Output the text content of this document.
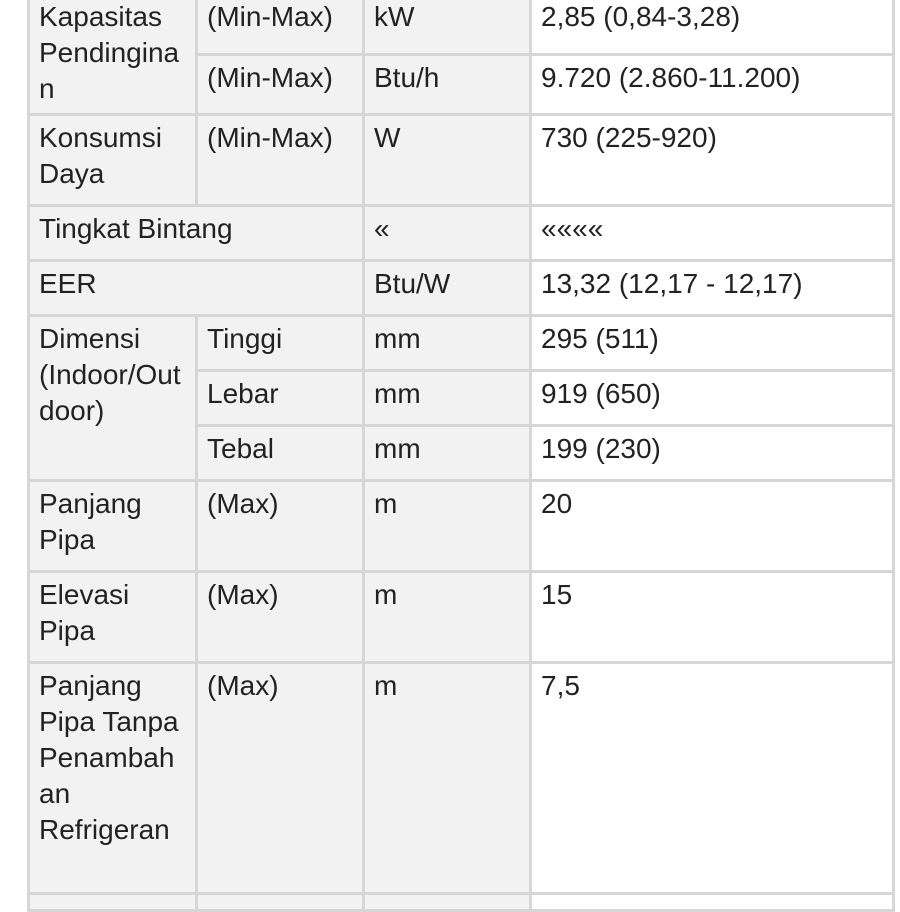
Kapasitas Pendinginan	(Min-Max)	kW	2,85 (0,84-3,28)
	(Min-Max)	Btu/h	9.720 (2.860-11.200)
Konsumsi Daya	(Min-Max)	W	730 (225-920)
Tingkat Bintang		«	««««
EER		Btu/W	13,32 (12,17 - 12,17)
Dimensi (Indoor/Outdoor)	Tinggi	mm	295 (511)
	Lebar	mm	919 (650)
	Tebal	mm	199 (230)
Panjang Pipa	(Max)	m	20
Elevasi Pipa	(Max)	m	15
Panjang Pipa Tanpa Penambahan Refrigeran	(Max)	m	7,5
